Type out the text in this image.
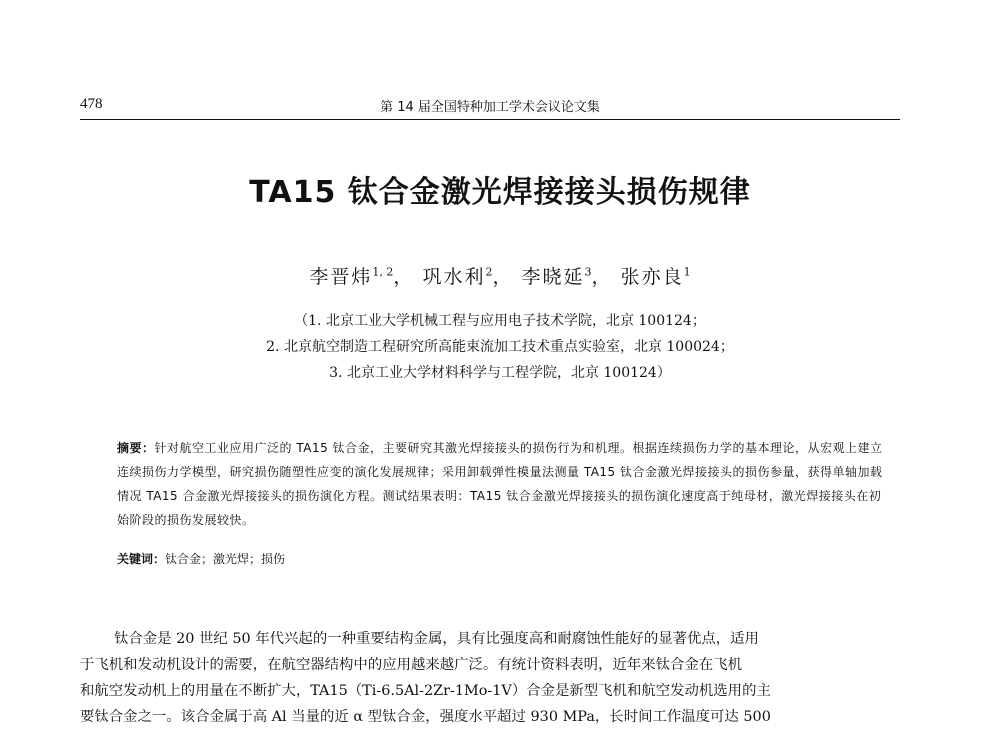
478	第 14 届全国特种加工学术会议论文集
TA15 钛合金激光焊接接头损伤规律
李晋炜$^{1, 2}$， 巩水利$^2$， 李晓延$^3$， 张亦良$^1$
（1. 北京工业大学机械工程与应用电子技术学院，北京 100124；
2. 北京航空制造工程研究所高能束流加工技术重点实验室，北京 100024；
3. 北京工业大学材料科学与工程学院，北京 100124）
摘要：针对航空工业应用广泛的 TA15 钛合金，主要研究其激光焊接接头的损伤行为和机理。根据连续损伤力学的基本理论，从宏观上建立连续损伤力学模型，研究损伤随塑性应变的演化发展规律；采用卸载弹性模量法测量 TA15 钛合金激光焊接接头的损伤参量，获得单轴加载情况 TA15 合金激光焊接接头的损伤演化方程。测试结果表明：TA15 钛合金激光焊接接头的损伤演化速度高于纯母材，激光焊接接头在初始阶段的损伤发展较快。
关键词：钛合金；激光焊；损伤
钛合金是 20 世纪 50 年代兴起的一种重要结构金属，具有比强度高和耐腐蚀性能好的显著优点，适用
于飞机和发动机设计的需要，在航空器结构中的应用越来越广泛。有统计资料表明，近年来钛合金在飞机
和航空发动机上的用量在不断扩大，TA15（Ti-6.5Al-2Zr-1Mo-1V）合金是新型飞机和航空发动机选用的主
要钛合金之一。该合金属于高 Al 当量的近 α 型钛合金，强度水平超过 930 MPa，长时间工作温度可达 500
